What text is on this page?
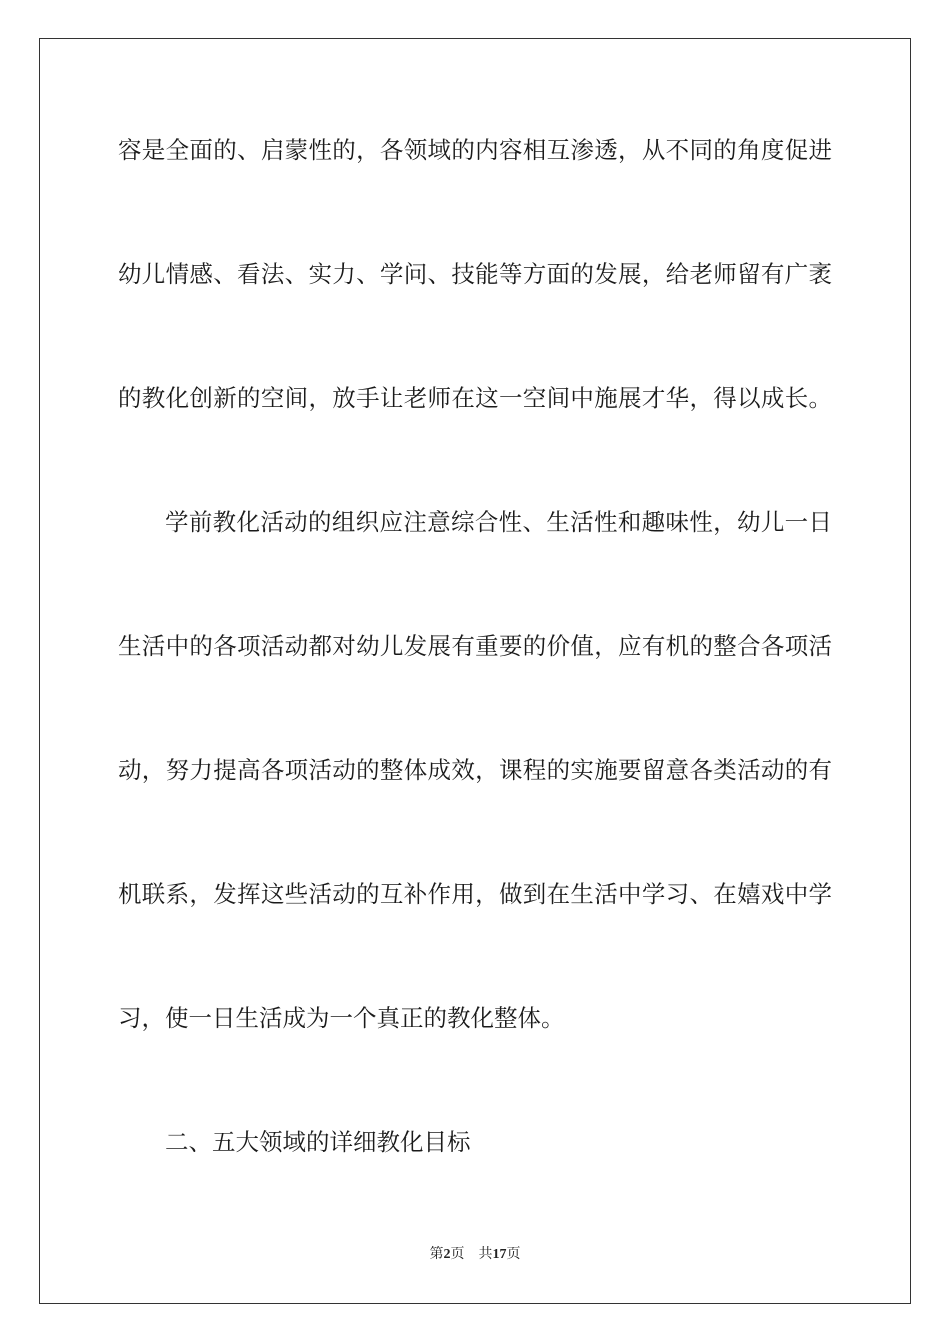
容是全面的、启蒙性的，各领域的内容相互渗透，从不同的角度促进
幼儿情感、看法、实力、学问、技能等方面的发展，给老师留有广袤
的教化创新的空间，放手让老师在这一空间中施展才华，得以成长。
学前教化活动的组织应注意综合性、生活性和趣味性，幼儿一日
生活中的各项活动都对幼儿发展有重要的价值，应有机的整合各项活
动，努力提高各项活动的整体成效，课程的实施要留意各类活动的有
机联系，发挥这些活动的互补作用，做到在生活中学习、在嬉戏中学
习，使一日生活成为一个真正的教化整体。
二、五大领域的详细教化目标
第2页 共17页
